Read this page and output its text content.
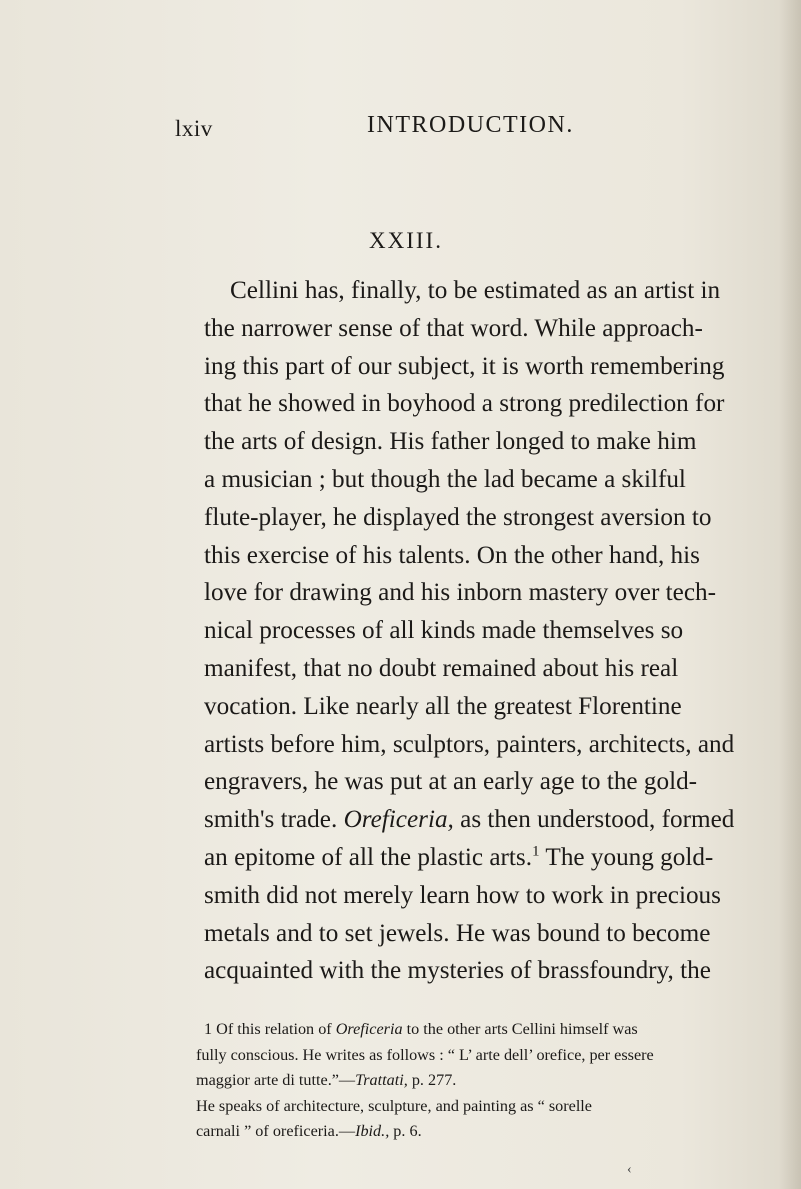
lxiv	INTRODUCTION.
XXIII.
Cellini has, finally, to be estimated as an artist in
the narrower sense of that word. While approach-
ing this part of our subject, it is worth remembering
that he showed in boyhood a strong predilection for
the arts of design. His father longed to make him
a musician ; but though the lad became a skilful
flute-player, he displayed the strongest aversion to
this exercise of his talents. On the other hand, his
love for drawing and his inborn mastery over tech-
nical processes of all kinds made themselves so
manifest, that no doubt remained about his real
vocation. Like nearly all the greatest Florentine
artists before him, sculptors, painters, architects, and
engravers, he was put at an early age to the gold-
smith's trade. Oreficeria, as then understood, formed
an epitome of all the plastic arts.$^1$ The young gold-
smith did not merely learn how to work in precious
metals and to set jewels. He was bound to become
acquainted with the mysteries of brassfoundry, the
1 Of this relation of Oreficeria to the other arts Cellini himself was
fully conscious. He writes as follows : “ L’ arte dell’ orefice, per essere
maggior arte di tutte.”—Trattati, p. 277.
He speaks of architecture, sculpture, and painting as “ sorelle
carnali ” of oreficeria.—Ibid., p. 6.
‹
